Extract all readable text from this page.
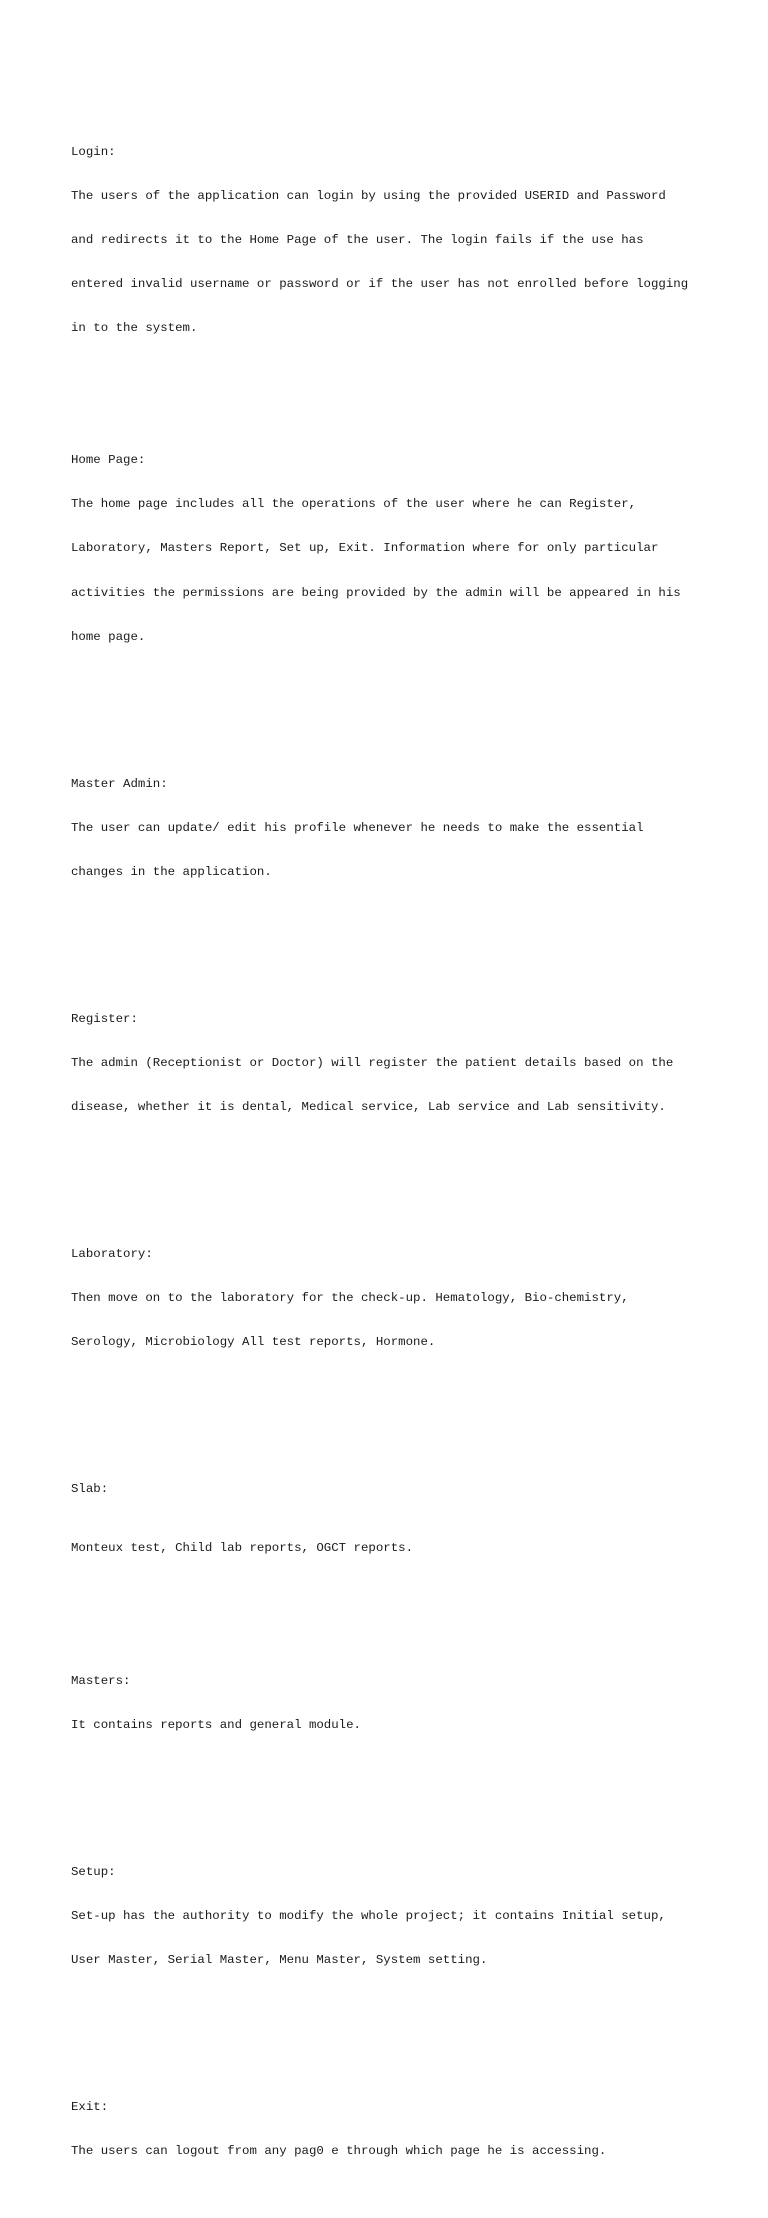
Login:

The users of the application can login by using the provided USERID and Password

and redirects it to the Home Page of the user. The login fails if the use has

entered invalid username or password or if the user has not enrolled before logging

in to the system.

Home Page:

The home page includes all the operations of the user where he can Register,

Laboratory, Masters Report, Set up, Exit. Information where for only particular

activities the permissions are being provided by the admin will be appeared in his

home page.

Master Admin:

The user can update/ edit his profile whenever he needs to make the essential

changes in the application.

Register:

The admin (Receptionist or Doctor) will register the patient details based on the

disease, whether it is dental, Medical service, Lab service and Lab sensitivity.

Laboratory:

Then move on to the laboratory for the check-up. Hematology, Bio-chemistry,

Serology, Microbiology All test reports, Hormone.

Slab:

Monteux test, Child lab reports, OGCT reports.

Masters:

It contains reports and general module.

Setup:

Set-up has the authority to modify the whole project; it contains Initial setup,

User Master, Serial Master, Menu Master, System setting.

Exit:

The users can logout from any pag0 e through which page he is accessing.
